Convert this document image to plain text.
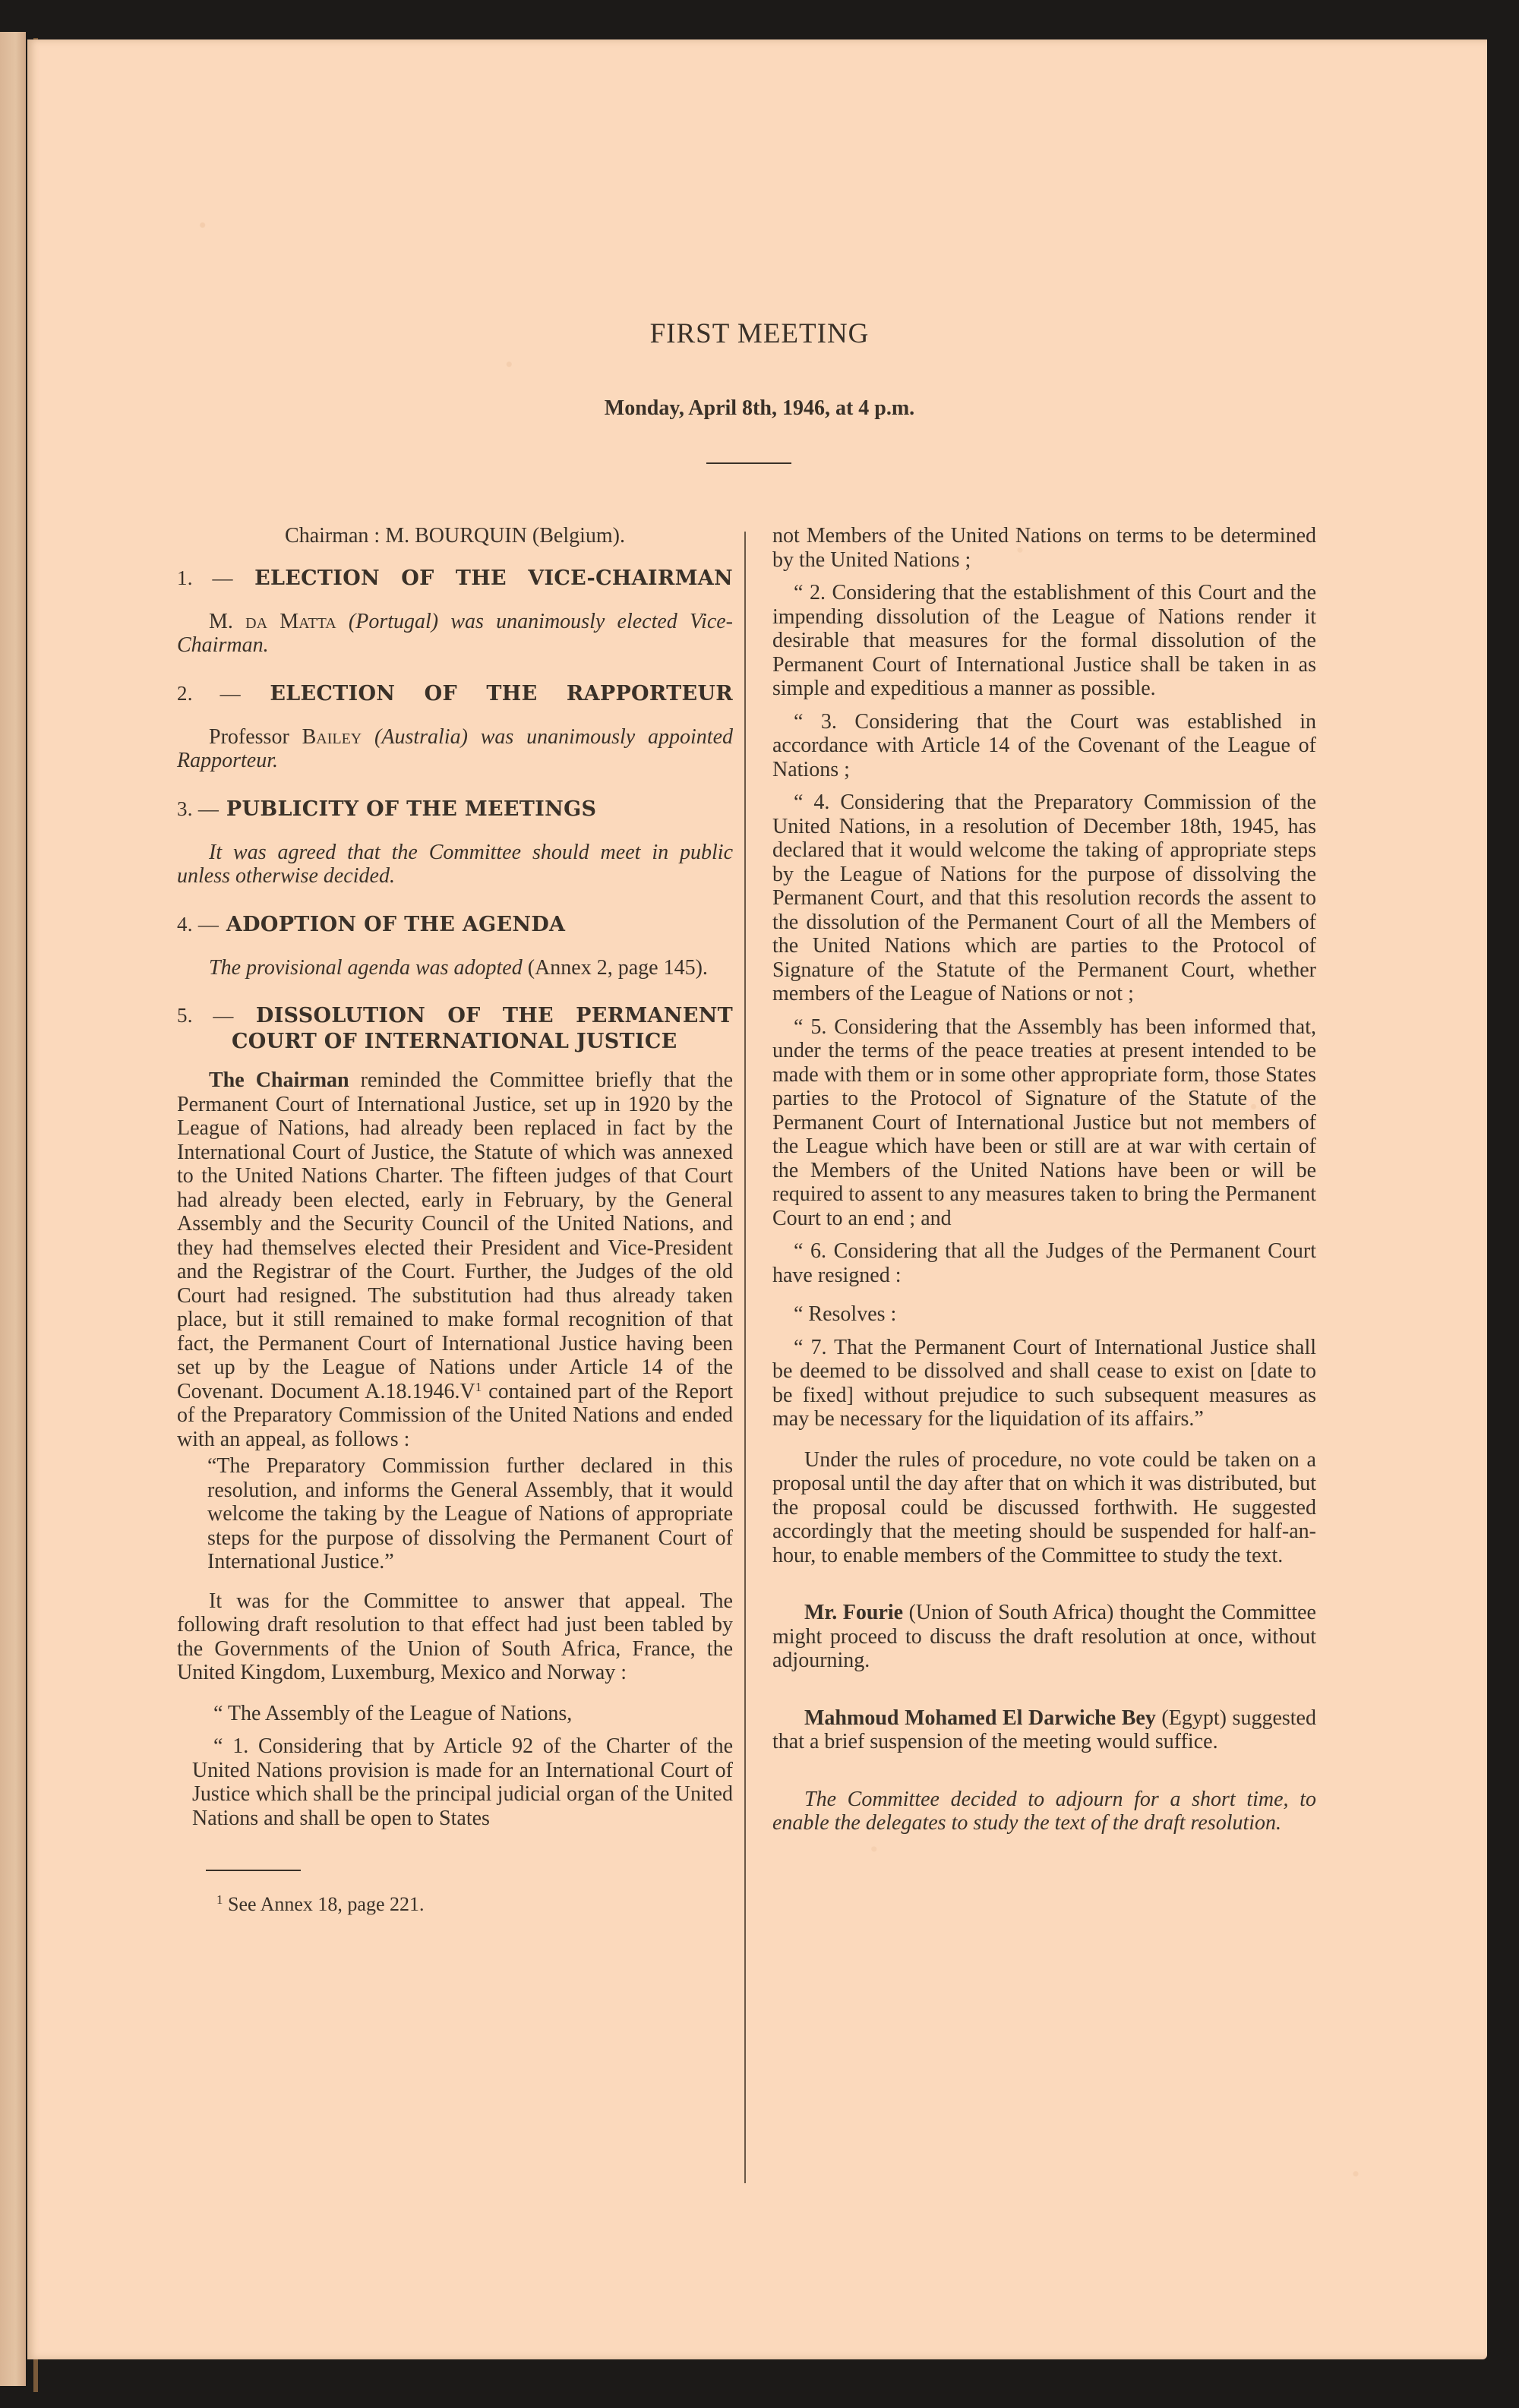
FIRST MEETING
Monday, April 8th, 1946, at 4 p.m.

Chairman : M. BOURQUIN (Belgium).

1. — ELECTION OF THE VICE-CHAIRMAN

M. da Matta (Portugal) was unanimously elected Vice-Chairman.

2. — ELECTION OF THE RAPPORTEUR

Professor Bailey (Australia) was unanimously appointed Rapporteur.

3. — PUBLICITY OF THE MEETINGS

It was agreed that the Committee should meet in public unless otherwise decided.

4. — ADOPTION OF THE AGENDA

The provisional agenda was adopted (Annex 2, page 145).

5. — DISSOLUTION OF THE PERMANENT
COURT OF INTERNATIONAL JUSTICE

The Chairman reminded the Committee briefly that the Permanent Court of International Justice, set up in 1920 by the League of Nations, had already been replaced in fact by the International Court of Justice, the Statute of which was annexed to the United Nations Charter. The fifteen judges of that Court had already been elected, early in February, by the General Assembly and the Security Council of the United Nations, and they had themselves elected their President and Vice-President and the Registrar of the Court. Further, the Judges of the old Court had resigned. The substitution had thus already taken place, but it still remained to make formal recognition of that fact, the Permanent Court of International Justice having been set up by the League of Nations under Article 14 of the Covenant. Document $A.18.1946.V^1$ contained part of the Report of the Preparatory Commission of the United Nations and ended with an appeal, as follows :

“The Preparatory Commission further declared in this resolution, and informs the General Assembly, that it would welcome the taking by the League of Nations of appropriate steps for the purpose of dissolving the Permanent Court of International Justice.”

It was for the Committee to answer that appeal. The following draft resolution to that effect had just been tabled by the Governments of the Union of South Africa, France, the United Kingdom, Luxemburg, Mexico and Norway :

“ The Assembly of the League of Nations,

“ 1. Considering that by Article 92 of the Charter of the United Nations provision is made for an International Court of Justice which shall be the principal judicial organ of the United Nations and shall be open to States

$^1$ See Annex 18, page 221.

not Members of the United Nations on terms to be determined by the United Nations ;

“ 2. Considering that the establishment of this Court and the impending dissolution of the League of Nations render it desirable that measures for the formal dissolution of the Permanent Court of International Justice shall be taken in as simple and expeditious a manner as possible.

“ 3. Considering that the Court was established in accordance with Article 14 of the Covenant of the League of Nations ;

“ 4. Considering that the Preparatory Commission of the United Nations, in a resolution of December 18th, 1945, has declared that it would welcome the taking of appropriate steps by the League of Nations for the purpose of dissolving the Permanent Court, and that this resolution records the assent to the dissolution of the Permanent Court of all the Members of the United Nations which are parties to the Protocol of Signature of the Statute of the Permanent Court, whether members of the League of Nations or not ;

“ 5. Considering that the Assembly has been informed that, under the terms of the peace treaties at present intended to be made with them or in some other appropriate form, those States parties to the Protocol of Signature of the Statute of the Permanent Court of International Justice but not members of the League which have been or still are at war with certain of the Members of the United Nations have been or will be required to assent to any measures taken to bring the Permanent Court to an end ; and

“ 6. Considering that all the Judges of the Permanent Court have resigned :

“ Resolves :

“ 7. That the Permanent Court of International Justice shall be deemed to be dissolved and shall cease to exist on [date to be fixed] without prejudice to such subsequent measures as may be necessary for the liquidation of its affairs.”

Under the rules of procedure, no vote could be taken on a proposal until the day after that on which it was distributed, but the proposal could be discussed forthwith. He suggested accordingly that the meeting should be suspended for half-an-hour, to enable members of the Committee to study the text.

Mr. Fourie (Union of South Africa) thought the Committee might proceed to discuss the draft resolution at once, without adjourning.

Mahmoud Mohamed El Darwiche Bey (Egypt) suggested that a brief suspension of the meeting would suffice.

The Committee decided to adjourn for a short time, to enable the delegates to study the text of the draft resolution.
